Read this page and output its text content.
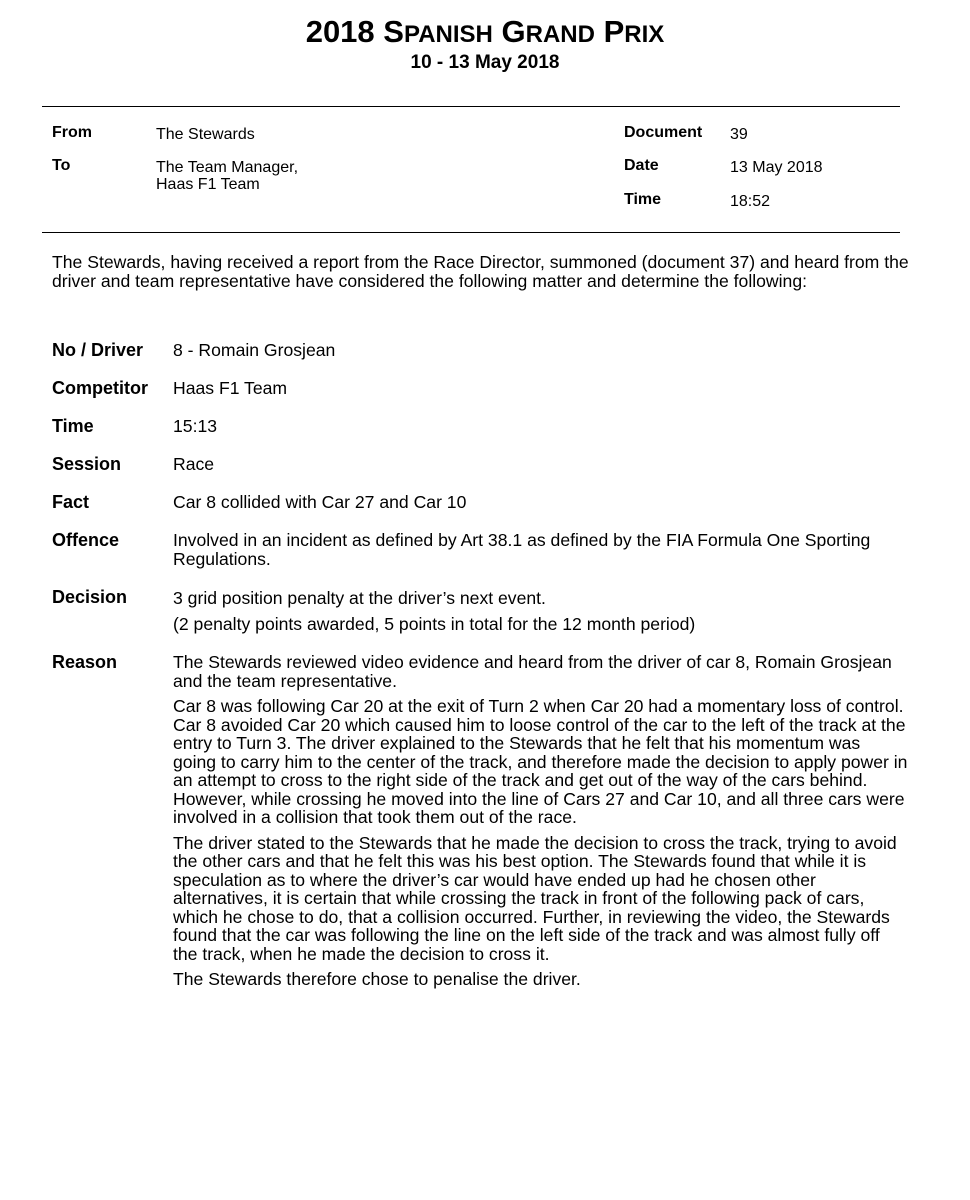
2018 SPANISH GRAND PRIX
10 - 13 May 2018
From	The Stewards
To	The Team Manager,
Haas F1 Team
Document 39
Date	13 May 2018
Time	18:52
The Stewards, having received a report from the Race Director, summoned (document 37) and heard from the driver and team representative have considered the following matter and determine the following:
No / Driver 8 - Romain Grosjean
Competitor Haas F1 Team
Time	15:13
Session	Race
Fact	Car 8 collided with Car 27 and Car 10
Offence	Involved in an incident as defined by Art 38.1 as defined by the FIA Formula One Sporting Regulations.
Decision	3 grid position penalty at the driver’s next event.

(2 penalty points awarded, 5 points in total for the 12 month period)

Reason	The Stewards reviewed video evidence and heard from the driver of car 8, Romain Grosjean and the team representative.

Car 8 was following Car 20 at the exit of Turn 2 when Car 20 had a momentary loss of control. Car 8 avoided Car 20 which caused him to loose control of the car to the left of the track at the entry to Turn 3. The driver explained to the Stewards that he felt that his momentum was going to carry him to the center of the track, and therefore made the decision to apply power in an attempt to cross to the right side of the track and get out of the way of the cars behind. However, while crossing he moved into the line of Cars 27 and Car 10, and all three cars were involved in a collision that took them out of the race.

The driver stated to the Stewards that he made the decision to cross the track, trying to avoid the other cars and that he felt this was his best option. The Stewards found that while it is speculation as to where the driver’s car would have ended up had he chosen other alternatives, it is certain that while crossing the track in front of the following pack of cars, which he chose to do, that a collision occurred. Further, in reviewing the video, the Stewards found that the car was following the line on the left side of the track and was almost fully off the track, when he made the decision to cross it.

The Stewards therefore chose to penalise the driver.
